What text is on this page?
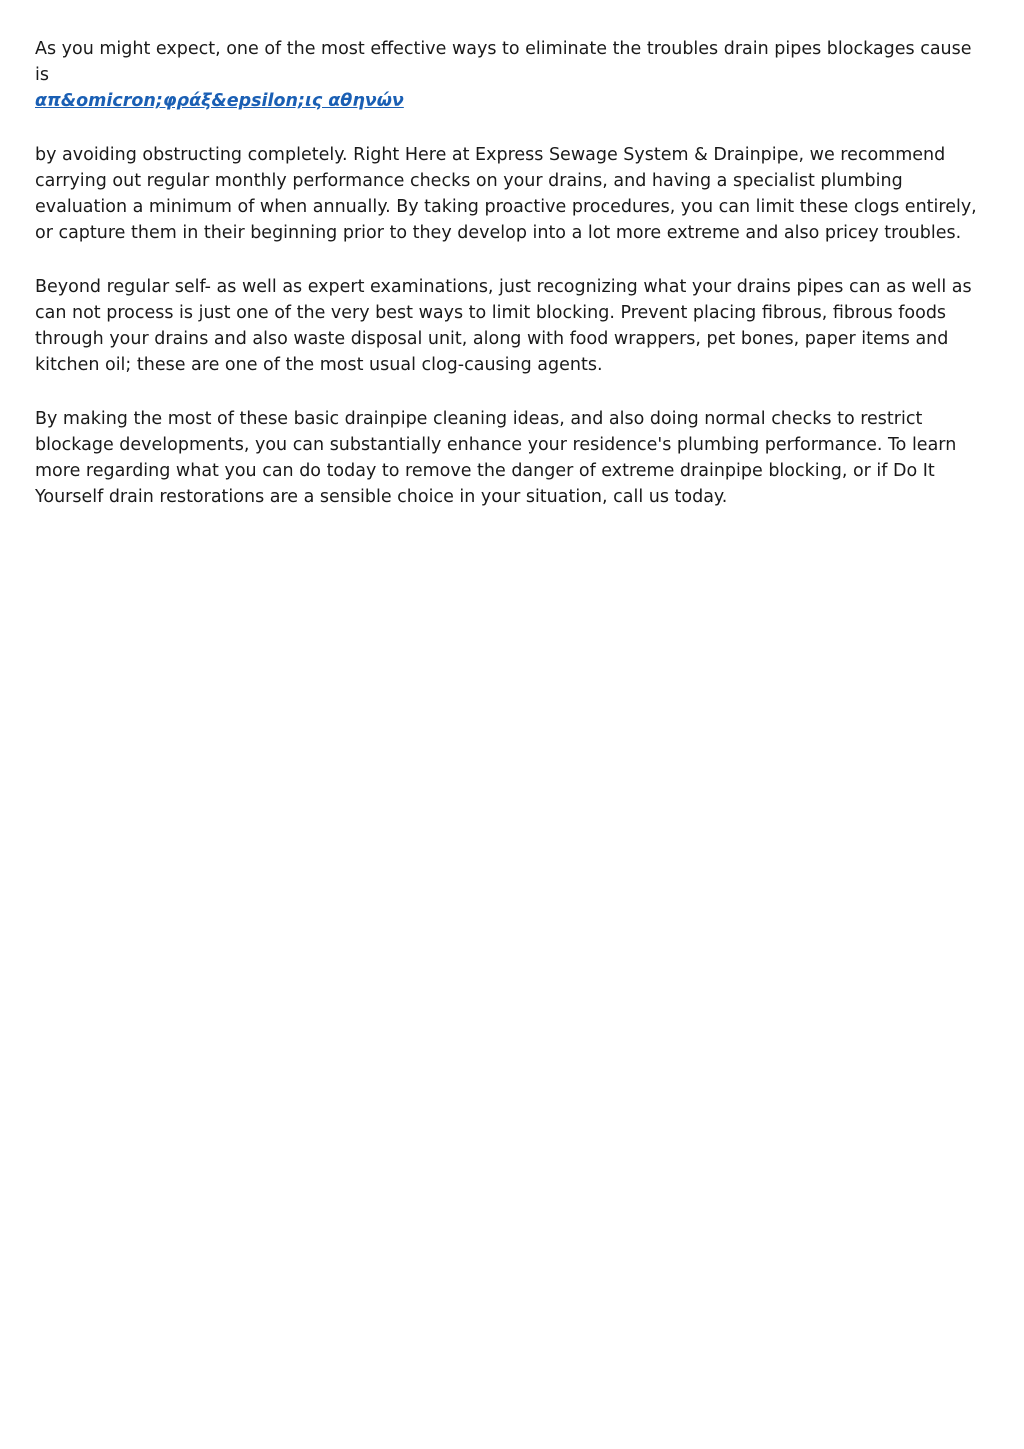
As you might expect, one of the most effective ways to eliminate the troubles drain pipes blockages cause is

απ&omicron;φράξ&epsilon;ις αθηνών

by avoiding obstructing completely. Right Here at Express Sewage System & Drainpipe, we recommend carrying out regular monthly performance checks on your drains, and having a specialist plumbing evaluation a minimum of when annually. By taking proactive procedures, you can limit these clogs entirely, or capture them in their beginning prior to they develop into a lot more extreme and also pricey troubles.

Beyond regular self- as well as expert examinations, just recognizing what your drains pipes can as well as can not process is just one of the very best ways to limit blocking. Prevent placing fibrous, fibrous foods through your drains and also waste disposal unit, along with food wrappers, pet bones, paper items and kitchen oil; these are one of the most usual clog-causing agents.

By making the most of these basic drainpipe cleaning ideas, and also doing normal checks to restrict blockage developments, you can substantially enhance your residence's plumbing performance. To learn more regarding what you can do today to remove the danger of extreme drainpipe blocking, or if Do It Yourself drain restorations are a sensible choice in your situation, call us today.
